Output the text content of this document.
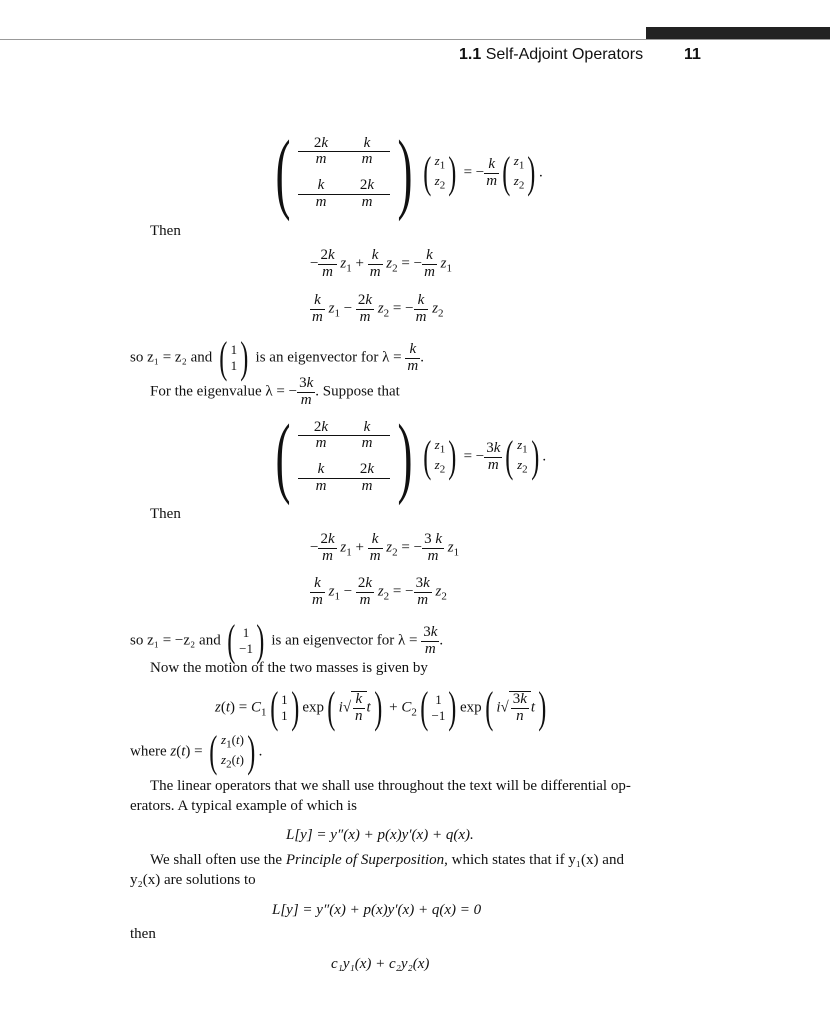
1.1 Self-Adjoint Operators	11
( $\frac{2k}{m} \frac{k}{m}$
$\frac{k}{m} \frac{2k}{m}$ ) ( $z_1$
$z_2$ ) = − $\frac{k}{m}$ ( $z_1$
$z_2$ ) .
Then
− $\frac{2k}{m} z_1 + \frac{k}{m} z_2$ = − $\frac{k}{m} z_1$
$\frac{k}{m} z_1 - \frac{2k}{m} z_2$ = − $\frac{k}{m} z_2$
so z₁ = z₂ and ( 1
1 ) is an eigenvector for $\lambda = \frac{k}{m}$ .
For the eigenvalue λ = − $\frac{3k}{m}$ . Suppose that
( $\frac{2k}{m} \frac{k}{m}$
$\frac{k}{m} \frac{2k}{m}$ ) ( $z_1$
$z_2$ ) = − $\frac{3k}{m}$ ( $z_1$
$z_2$ ) .
Then
− $\frac{2k}{m} z_1 + \frac{k}{m} z_2$ = − $\frac{3 k}{m} z_1$
$\frac{k}{m} z_1 - \frac{2k}{m} z_2$ = − $\frac{3k}{m} z_2$
so z₁ = −z₂ and ( 1
−1 ) is an eigenvector for $\lambda = \frac{3k}{m}$ .
Now the motion of the two masses is given by
$z(t) = C_1$( 1
1 ) exp( $i√ \frac{k}{n} t) + C_2$( 1
−1 ) exp( $i√ \frac{3k}{n} t$)
where z(t) = ( $z_1(t)$
$z_2(t)$ ) .
The linear operators that we shall use throughout the text will be differential op-
erators. A typical example of which is
L[y] = y″(x) + p(x)y′(x) + q(x).
We shall often use the Principle of Superposition, which states that if y₁(x) and
y₂(x) are solutions to
L[y] = y″(x) + p(x)y′(x) + q(x) = 0
then
c₁y₁(x) + c₂y₂(x)
